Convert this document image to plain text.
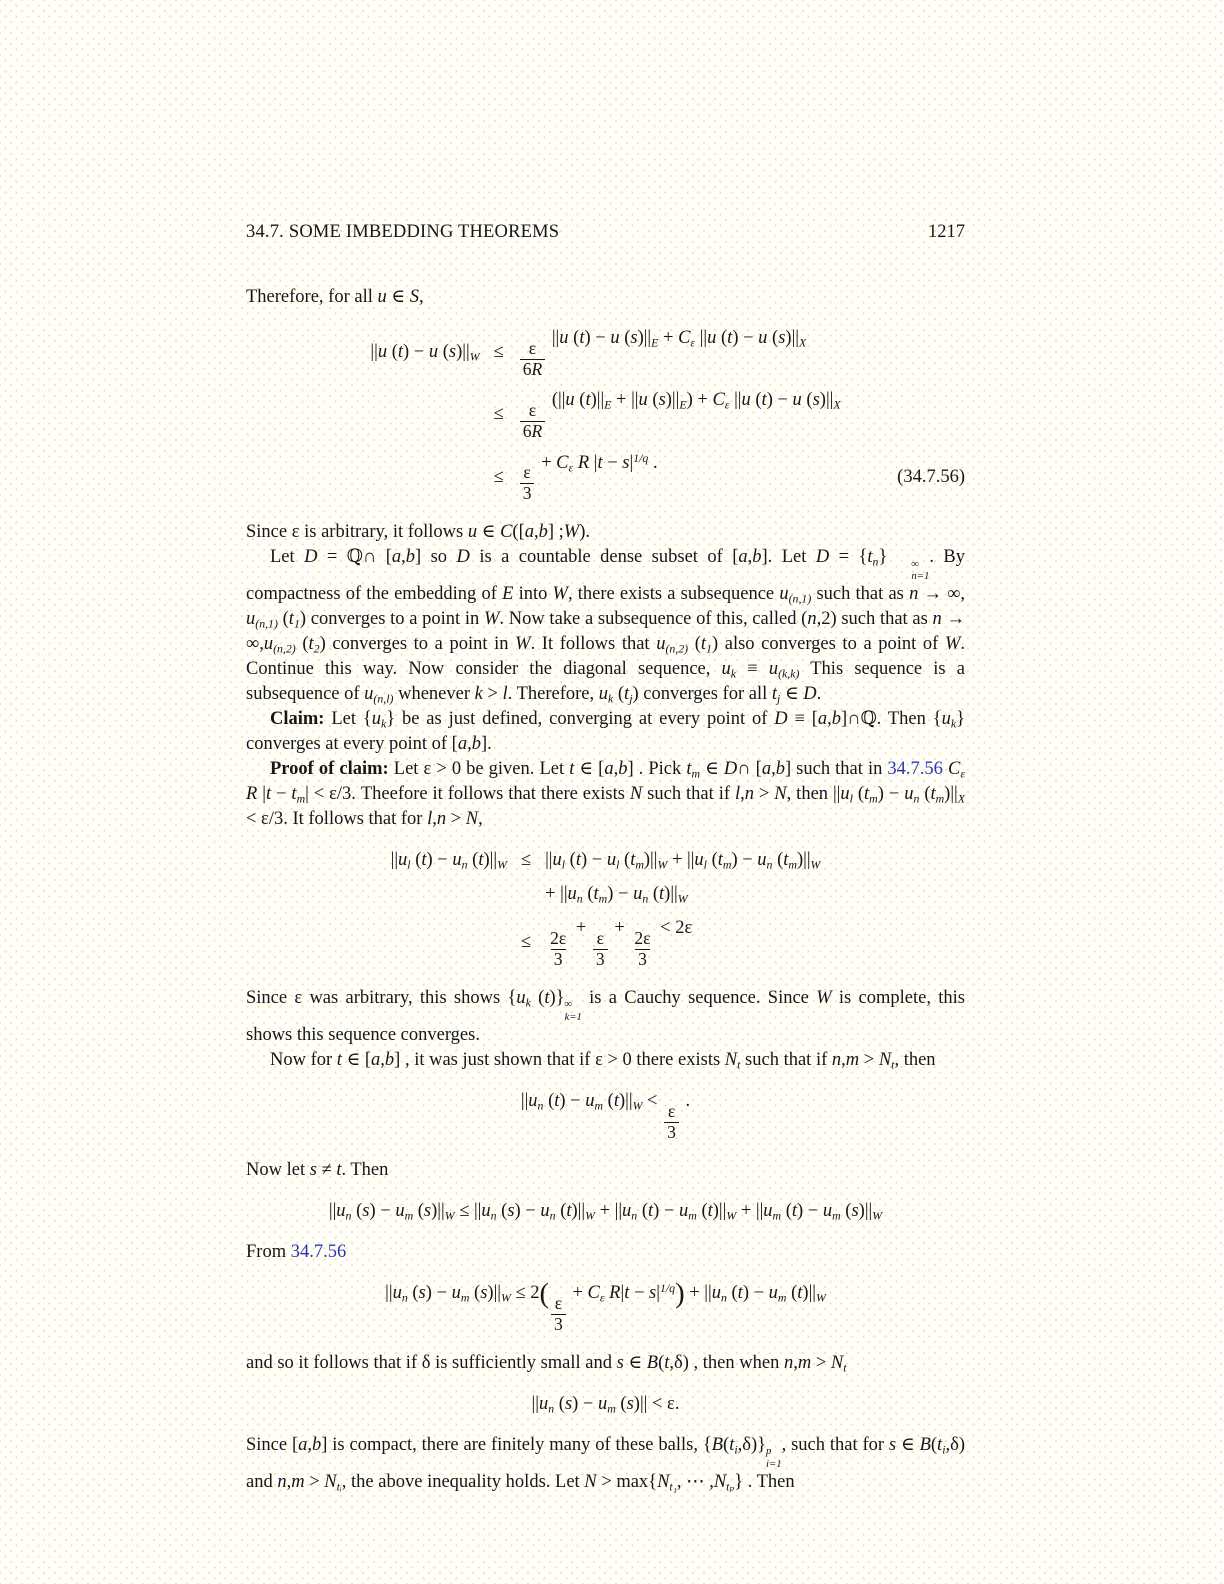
34.7. SOME IMBEDDING THEOREMS	1217

Therefore, for all u ∈ S,

||u (t) − u $(s)||_W \le \frac{\varepsilon}{6R}$
||u (t) − u $(s)||_E + C_\varepsilon$ ||u (t) − u $(s)||_X$
≤ $\frac{\varepsilon}{6R}$
(||u $(t)||_E + ||u$ $(s)||_E) + C_\varepsilon$ ||u (t) − u $(s)||_X$
≤ $\frac{\varepsilon}{3}$
+ $C_\varepsilon$ R $|t - s|^{1/q}$ .
(34.7.56)

Since ε is arbitrary, it follows u ∈ C([a,b] ;W).

Let D = ℚ∩ [a,b] so D is a countable dense subset of [a,b]. Let $D = \{t_n\}$	∞
n=1
. By compactness of the embedding of E into W, there exists a subsequence $u_{(n,1)}$ such that as n → ∞, $u_{(n,1)}$ $(t_1)$ converges to a point in W. Now take a subsequence of this, called (n,2) such that as $n \to \infty,u_{(n,2)}$ $(t_2)$ converges to a point in W. It follows that $u_{(n,2)}$ $(t_1)$ also converges to a point of W. Continue this way. Now consider the diagonal sequence, $u_k \equiv u_{(k,k)}$ This sequence is a subsequence of $u_{(n,l)}$ whenever k > l. Therefore, $u_k$ $(t_j)$ converges for all $t_j$ ∈ D.

Claim: Let $\{u_k\}$ be as just defined, converging at every point of D ≡ [a,b]∩ℚ. Then $\{u_k\}$ converges at every point of [a,b].

Proof of claim: Let ε > 0 be given. Let t ∈ [a,b] . Pick $t_m$ ∈ D∩ [a,b] such that in 34.7.56 $C_\varepsilon$ R $|t - t_m| < \varepsilon/3$. Theefore it follows that there exists N such that if l,n > N, then $||u_l$ $(t_m) - u_n$ $(t_m)||_X < \varepsilon/3$. It follows that for l,n > N,

$||u_l$ $(t) - u_n$ $(t)||_W \le ||u_l$ $(t) - u_l$ $(t_m)||_W + ||u_l$ $(t_m) - u_n$ $(t_m)||_W$
+ $||u_n$ $(t_m) - u_n$ $(t)||_W$
≤ $\frac{2\varepsilon}{3}$
+
$\frac{\varepsilon}{3}$
+
$\frac{2\varepsilon}{3}$
< 2ε

Since ε was arbitrary, this shows {$u_k$ (t)} ∞
k=1
is a Cauchy sequence. Since W is complete, this shows this sequence converges.

Now for t ∈ [a,b] , it was just shown that if ε > 0 there exists $N_t$ such that if $n,m > N_t$, then

$||u_n$ $(t) - u_m$ $(t)||_W$ <
$\frac{\varepsilon}{3}$
.

Now let s ≠ t. Then

$||u_n$ $(s) - u_m$ $(s)||_W \le ||u_n$ $(s) - u_n$ $(t)||_W + ||u_n$ $(t) - u_m$ $(t)||_W + ||u_m$ $(t) - u_m$ $(s)||_W$

From 34.7.56

$||u_n$ $(s) - u_m$ $(s)||_W \le 2$(
$\frac{\varepsilon}{3}$
+ $C_\varepsilon$ $R|t - s|^{1/q}) + ||u_n$ $(t) - u_m$ $(t)||_W$

and so it follows that if δ is sufficiently small and s ∈ B(t,δ) , then when $n,m > N_t$

$||u_n$ $(s) - u_m$ (s)|| < ε.

Since [a,b] is compact, there are finitely many of these balls, $\{B(t_i,\delta)\}$ p
i=1
, such that for s ∈ $B(t_i,\delta)$ and $n,m > N_{tᵢ}$, the above inequality holds. Let $N > \max\{N_{t_1}$, ⋯ $,N_{t_p}$} . Then
